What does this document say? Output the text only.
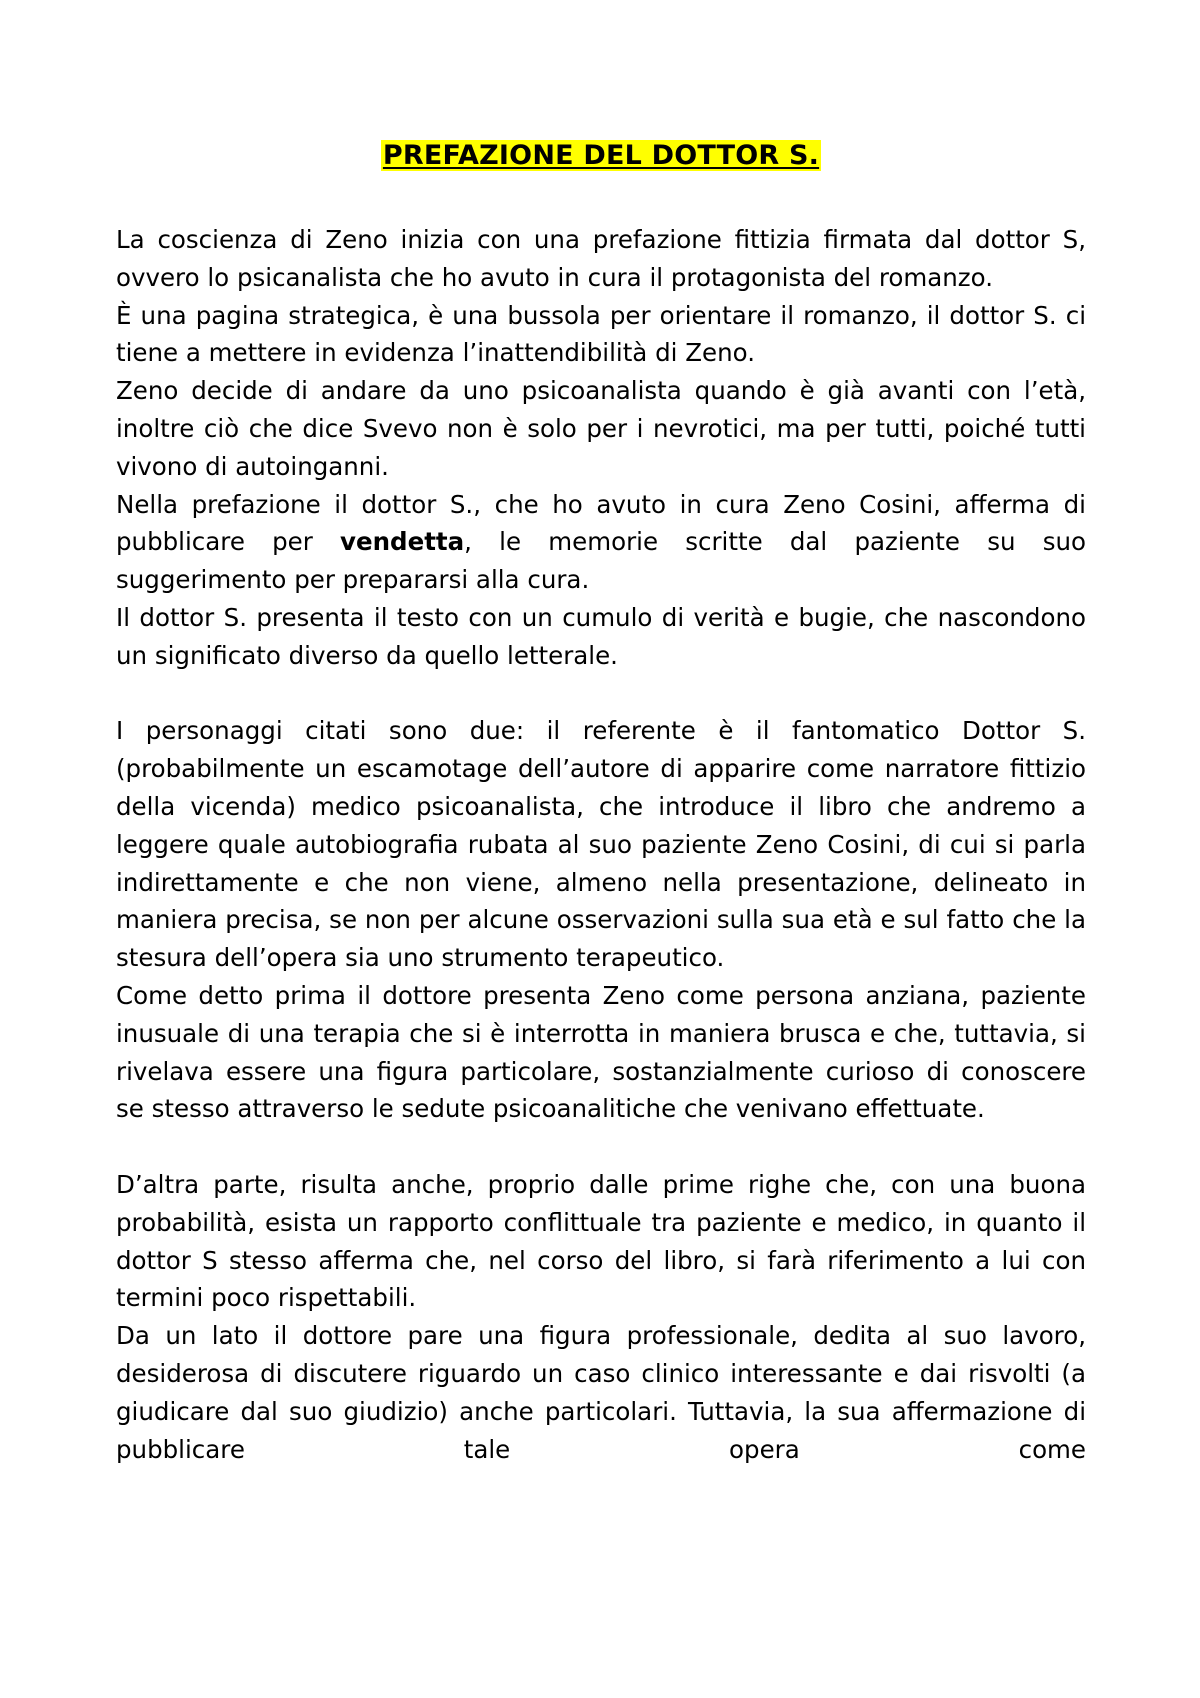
PREFAZIONE DEL DOTTOR S.

La coscienza di Zeno inizia con una prefazione fittizia firmata dal dottor S, ovvero lo psicanalista che ho avuto in cura il protagonista del romanzo.

È una pagina strategica, è una bussola per orientare il romanzo, il dottor S. ci tiene a mettere in evidenza l’inattendibilità di Zeno.

Zeno decide di andare da uno psicoanalista quando è già avanti con l’età, inoltre ciò che dice Svevo non è solo per i nevrotici, ma per tutti, poiché tutti vivono di autoinganni.

Nella prefazione il dottor S., che ho avuto in cura Zeno Cosini, afferma di pubblicare per vendetta, le memorie scritte dal paziente su suo suggerimento per prepararsi alla cura.

Il dottor S. presenta il testo con un cumulo di verità e bugie, che nascondono un significato diverso da quello letterale.

I personaggi citati sono due: il referente è il fantomatico Dottor S. (probabilmente un escamotage dell’autore di apparire come narratore fittizio della vicenda) medico psicoanalista, che introduce il libro che andremo a leggere quale autobiografia rubata al suo paziente Zeno Cosini, di cui si parla indirettamente e che non viene, almeno nella presentazione, delineato in maniera precisa, se non per alcune osservazioni sulla sua età e sul fatto che la stesura dell’opera sia uno strumento terapeutico.

Come detto prima il dottore presenta Zeno come persona anziana, paziente inusuale di una terapia che si è interrotta in maniera brusca e che, tuttavia, si rivelava essere una figura particolare, sostanzialmente curioso di conoscere se stesso attraverso le sedute psicoanalitiche che venivano effettuate.

D’altra parte, risulta anche, proprio dalle prime righe che, con una buona probabilità, esista un rapporto conflittuale tra paziente e medico, in quanto il dottor S stesso afferma che, nel corso del libro, si farà riferimento a lui con termini poco rispettabili.

Da un lato il dottore pare una figura professionale, dedita al suo lavoro, desiderosa di discutere riguardo un caso clinico interessante e dai risvolti (a giudicare dal suo giudizio) anche particolari. Tuttavia, la sua affermazione di pubblicare tale opera come
